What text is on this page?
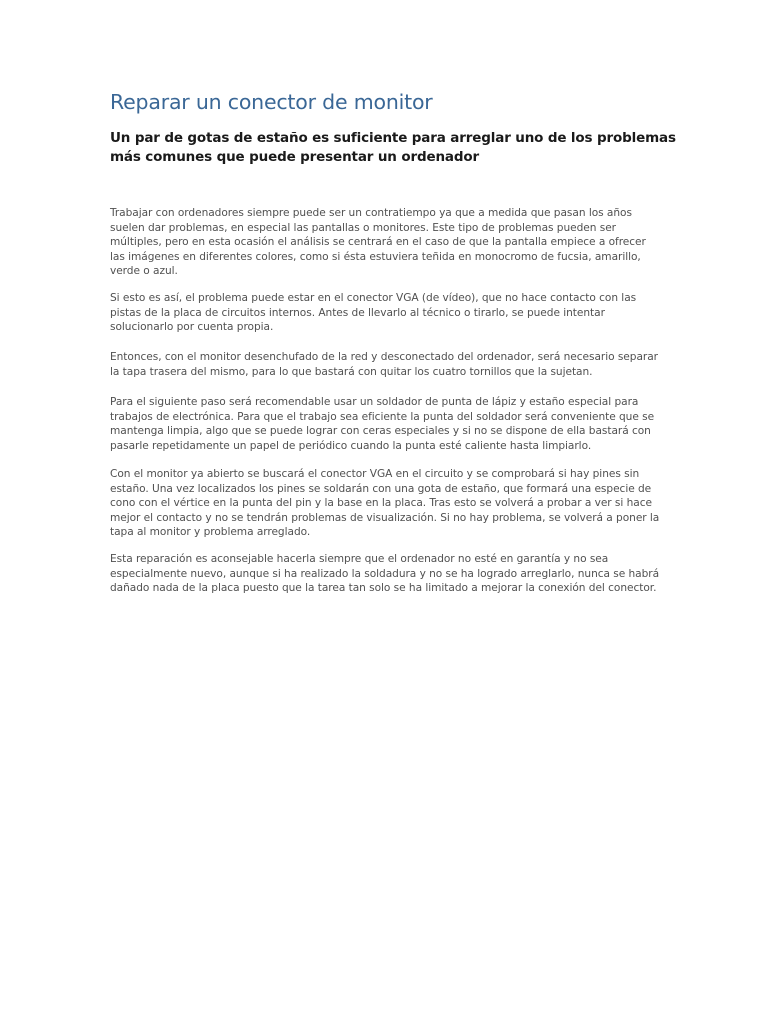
Reparar un conector de monitor
Un par de gotas de estaño es suficiente para arreglar uno de los problemas
más comunes que puede presentar un ordenador

Trabajar con ordenadores siempre puede ser un contratiempo ya que a medida que pasan los años
suelen dar problemas, en especial las pantallas o monitores. Este tipo de problemas pueden ser
múltiples, pero en esta ocasión el análisis se centrará en el caso de que la pantalla empiece a ofrecer
las imágenes en diferentes colores, como si ésta estuviera teñida en monocromo de fucsia, amarillo,
verde o azul.

Si esto es así, el problema puede estar en el conector VGA (de vídeo), que no hace contacto con las
pistas de la placa de circuitos internos. Antes de llevarlo al técnico o tirarlo, se puede intentar
solucionarlo por cuenta propia.

Entonces, con el monitor desenchufado de la red y desconectado del ordenador, será necesario separar
la tapa trasera del mismo, para lo que bastará con quitar los cuatro tornillos que la sujetan.

Para el siguiente paso será recomendable usar un soldador de punta de lápiz y estaño especial para
trabajos de electrónica. Para que el trabajo sea eficiente la punta del soldador será conveniente que se
mantenga limpia, algo que se puede lograr con ceras especiales y si no se dispone de ella bastará con
pasarle repetidamente un papel de periódico cuando la punta esté caliente hasta limpiarlo.

Con el monitor ya abierto se buscará el conector VGA en el circuito y se comprobará si hay pines sin
estaño. Una vez localizados los pines se soldarán con una gota de estaño, que formará una especie de
cono con el vértice en la punta del pin y la base en la placa. Tras esto se volverá a probar a ver si hace
mejor el contacto y no se tendrán problemas de visualización. Si no hay problema, se volverá a poner la
tapa al monitor y problema arreglado.

Esta reparación es aconsejable hacerla siempre que el ordenador no esté en garantía y no sea
especialmente nuevo, aunque si ha realizado la soldadura y no se ha logrado arreglarlo, nunca se habrá
dañado nada de la placa puesto que la tarea tan solo se ha limitado a mejorar la conexión del conector.
